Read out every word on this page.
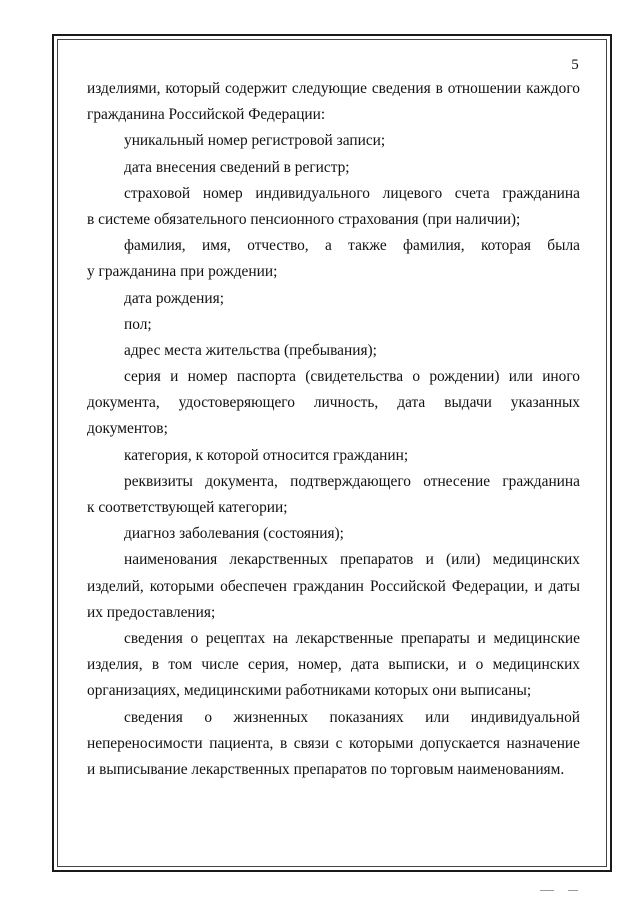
5
изделиями, который содержит следующие сведения в отношении каждого
гражданина Российской Федерации:
уникальный номер регистровой записи;
дата внесения сведений в регистр;
страховой номер индивидуального лицевого счета гражданина
в системе обязательного пенсионного страхования (при наличии);
фамилия, имя, отчество, а также фамилия, которая была
у гражданина при рождении;
дата рождения;
пол;
адрес места жительства (пребывания);
серия и номер паспорта (свидетельства о рождении) или иного
документа, удостоверяющего личность, дата выдачи указанных
документов;
категория, к которой относится гражданин;
реквизиты документа, подтверждающего отнесение гражданина
к соответствующей категории;
диагноз заболевания (состояния);
наименования лекарственных препаратов и (или) медицинских
изделий, которыми обеспечен гражданин Российской Федерации, и даты
их предоставления;
сведения о рецептах на лекарственные препараты и медицинские
изделия, в том числе серия, номер, дата выписки, и о медицинских
организациях, медицинскими работниками которых они выписаны;
сведения о жизненных показаниях или индивидуальной
непереносимости пациента, в связи с которыми допускается назначение
и выписывание лекарственных препаратов по торговым наименованиям.
